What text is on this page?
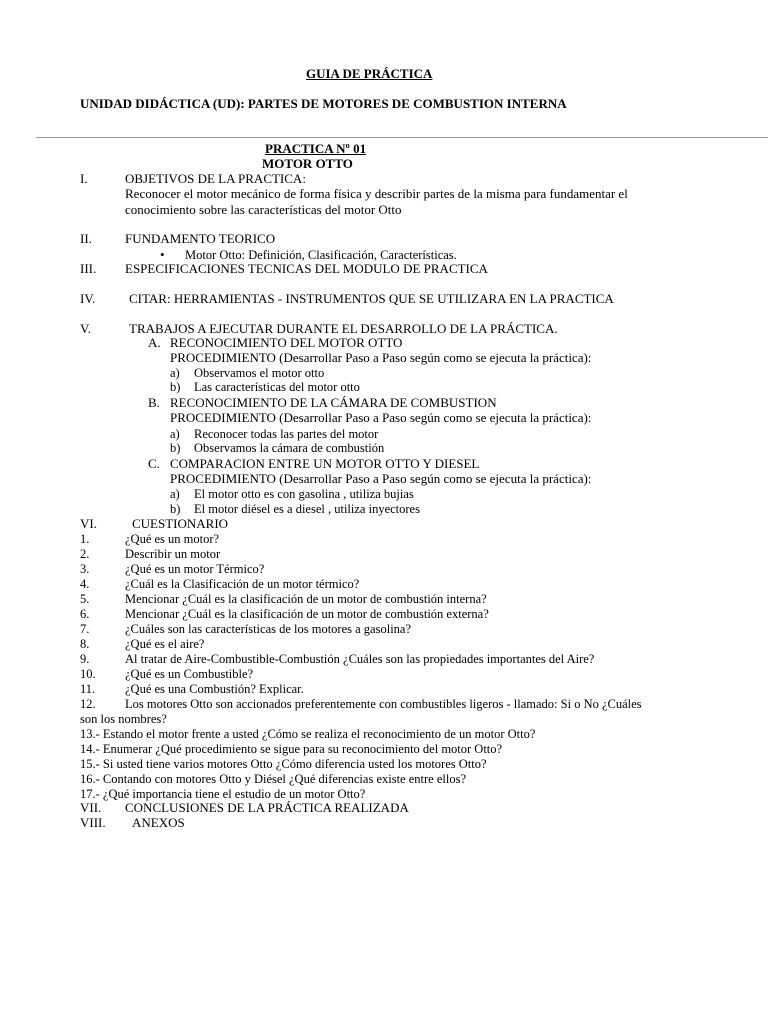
GUIA DE PRÁCTICA
UNIDAD DIDÁCTICA (UD): PARTES DE MOTORES DE COMBUSTION INTERNA
PRACTICA Nº 01
MOTOR OTTO
I.	OBJETIVOS DE LA PRACTICA:
Reconocer el motor mecánico de forma física y describir partes de la misma para fundamentar el
conocimiento sobre las características del motor Otto
II.	FUNDAMENTO TEORICO
• Motor Otto: Definición, Clasificación, Características.
III. ESPECIFICACIONES TECNICAS DEL MODULO DE PRACTICA
IV.	CITAR: HERRAMIENTAS - INSTRUMENTOS QUE SE UTILIZARA EN LA PRACTICA
V.	TRABAJOS A EJECUTAR DURANTE EL DESARROLLO DE LA PRÁCTICA.
A. RECONOCIMIENTO DEL MOTOR OTTO
PROCEDIMIENTO (Desarrollar Paso a Paso según como se ejecuta la práctica):
a) Observamos el motor otto
b) Las características del motor otto
B. RECONOCIMIENTO DE LA CÁMARA DE COMBUSTION
PROCEDIMIENTO (Desarrollar Paso a Paso según como se ejecuta la práctica):
a) Reconocer todas las partes del motor
b) Observamos la cámara de combustión
C. COMPARACION ENTRE UN MOTOR OTTO Y DIESEL
PROCEDIMIENTO (Desarrollar Paso a Paso según como se ejecuta la práctica):
a) El motor otto es con gasolina , utiliza bujias
b) El motor diésel es a diesel , utiliza inyectores
VI.	CUESTIONARIO
1.	¿Qué es un motor?
2.	Describir un motor
3.	¿Qué es un motor Térmico?
4.	¿Cuál es la Clasificación de un motor térmico?
5.	Mencionar ¿Cuál es la clasificación de un motor de combustión interna?
6.	Mencionar ¿Cuál es la clasificación de un motor de combustión externa?
7.	¿Cuáles son las características de los motores a gasolina?
8.	¿Qué es el aire?
9.	Al tratar de Aire-Combustible-Combustión ¿Cuáles son las propiedades importantes del Aire?
10. ¿Qué es un Combustible?
11. ¿Qué es una Combustión? Explicar.
12. Los motores Otto son accionados preferentemente con combustibles ligeros - llamado: Si o No ¿Cuáles
son los nombres?
13.- Estando el motor frente a usted ¿Cómo se realiza el reconocimiento de un motor Otto?
14.- Enumerar ¿Qué procedimiento se sigue para su reconocimiento del motor Otto?
15.- Si usted tiene varios motores Otto ¿Cómo diferencia usted los motores Otto?
16.- Contando con motores Otto y Diésel ¿Qué diferencias existe entre ellos?
17.- ¿Qué importancia tiene el estudio de un motor Otto?
VII. CONCLUSIONES DE LA PRÁCTICA REALIZADA
VIII. ANEXOS
